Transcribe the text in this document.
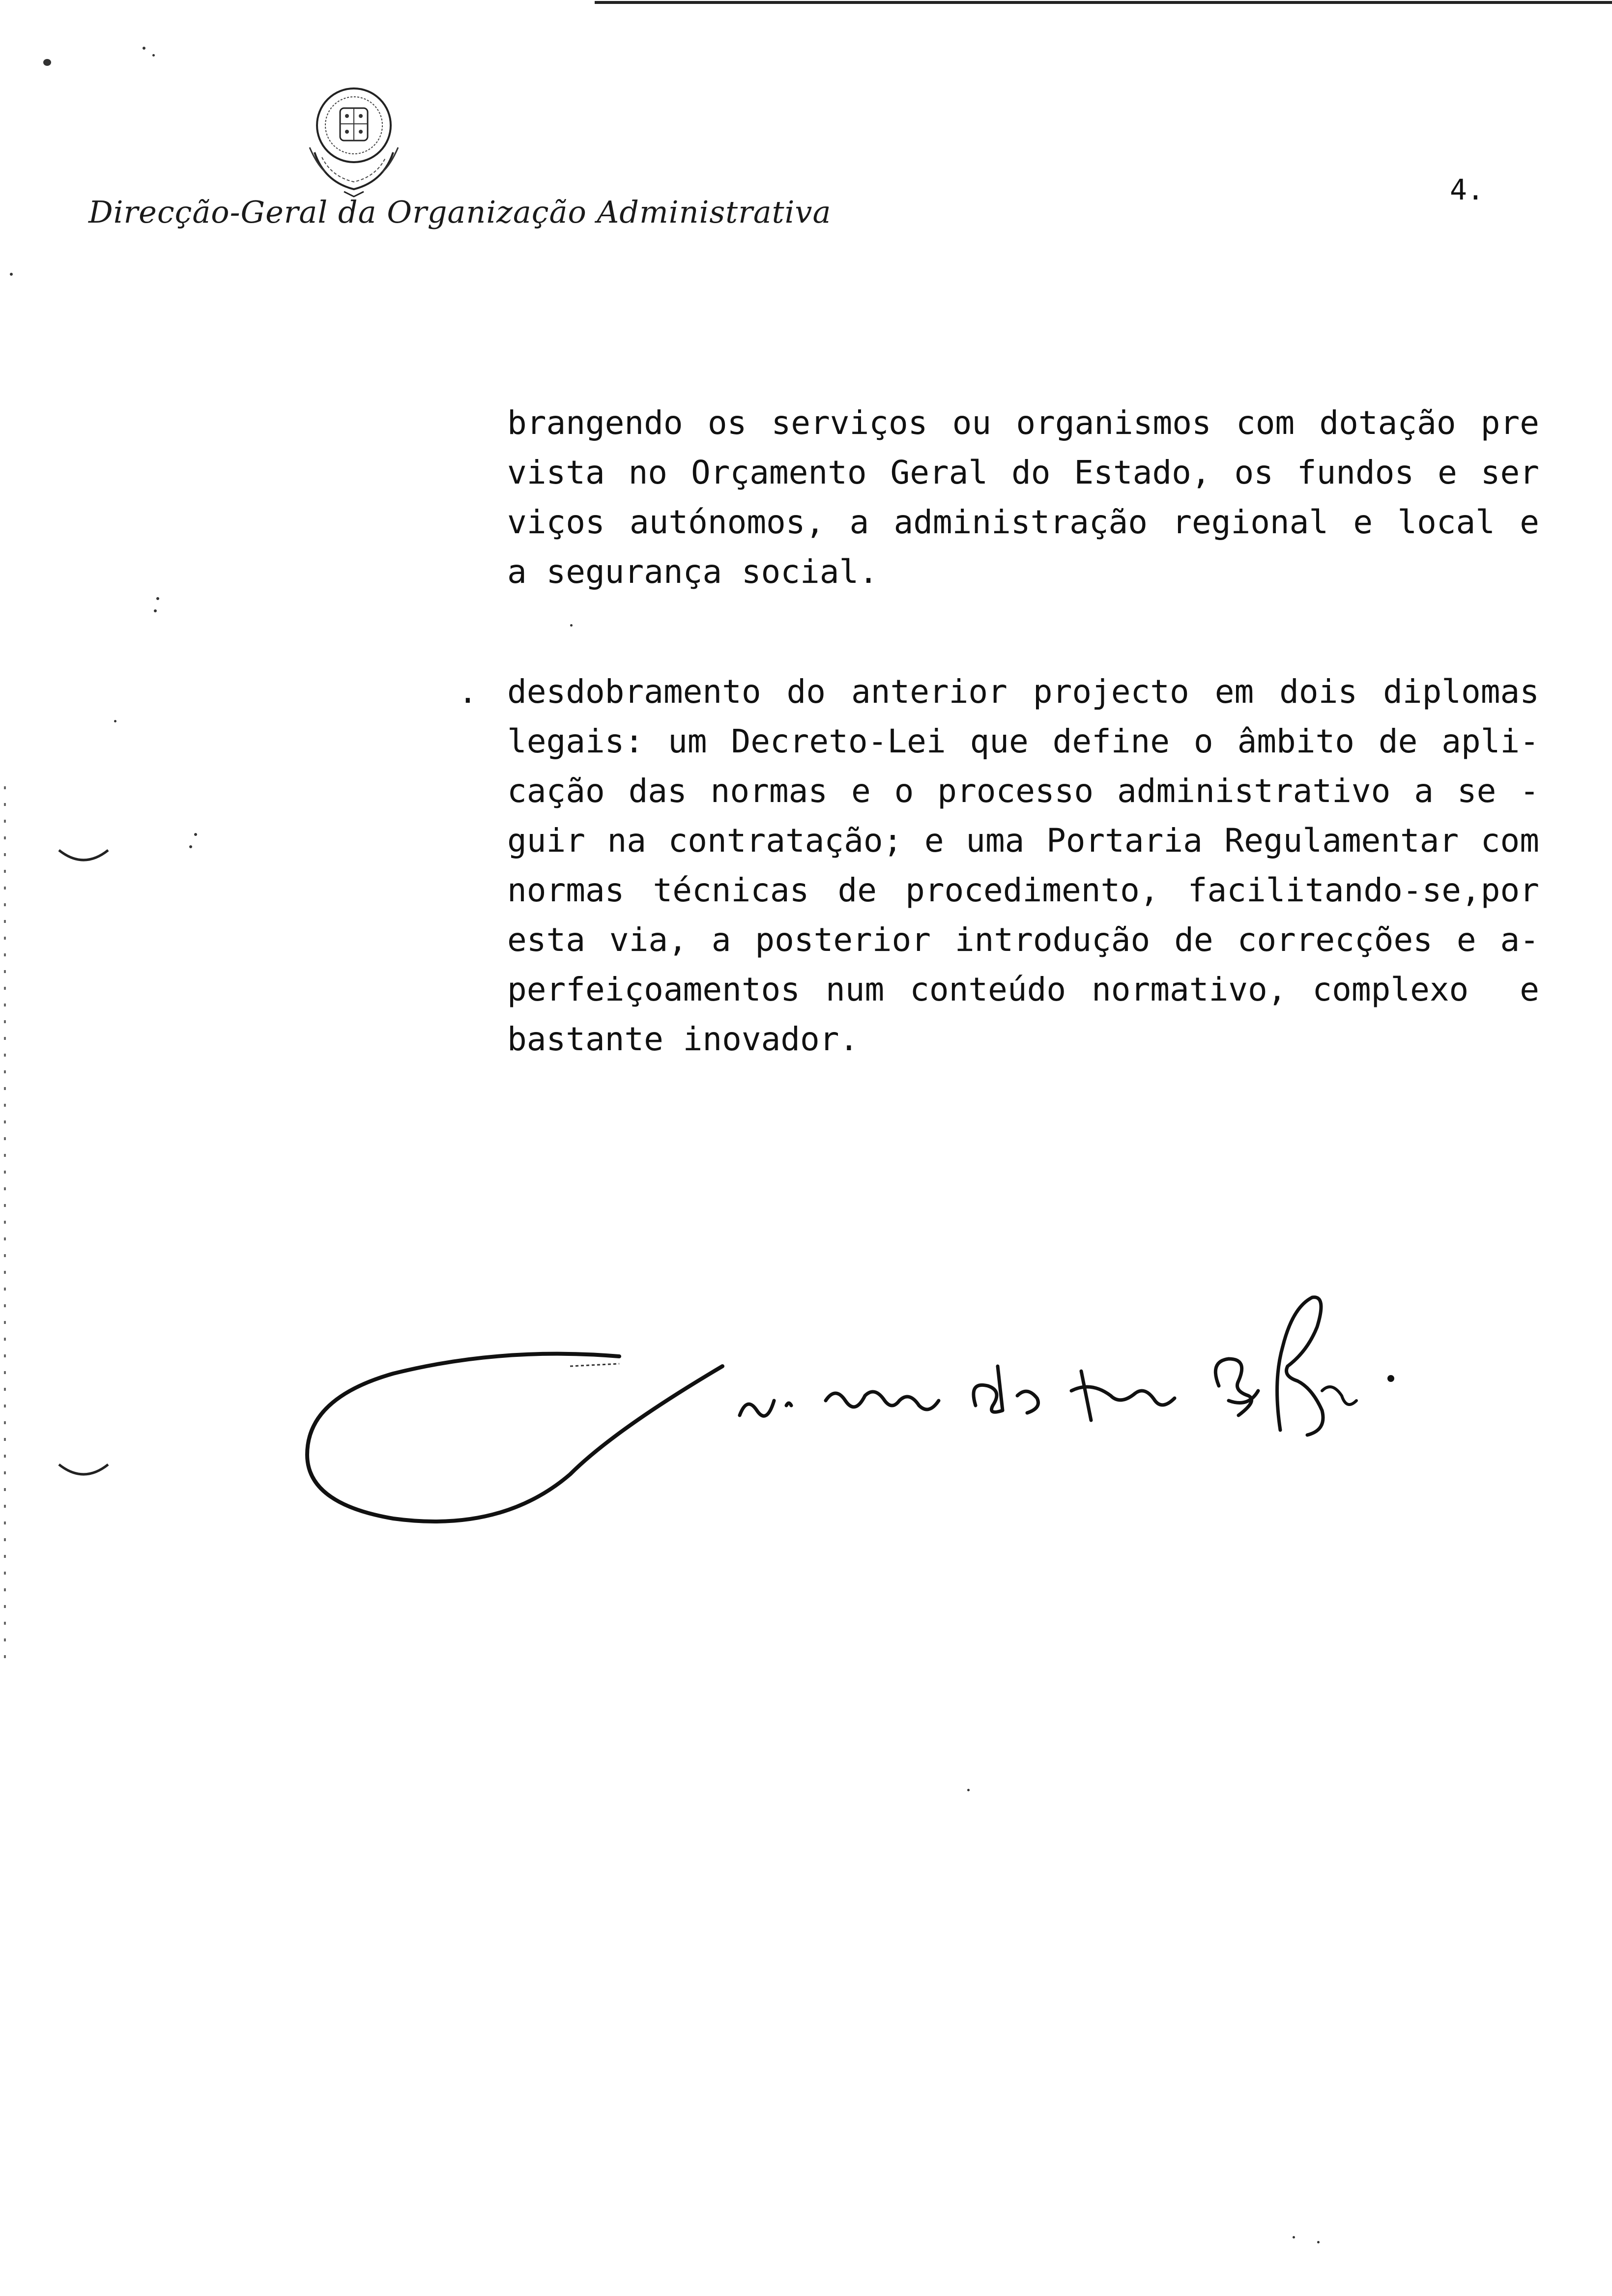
Direcção-Geral da Organização Administrativa
4.
brangendo os serviços ou organismos com dotação pre
vista no Orçamento Geral do Estado, os fundos e ser
viços autónomos, a administração regional e local e
a segurança social.
. desdobramento do anterior projecto em dois diplomas
legais: um Decreto-Lei que define o âmbito de apli-
cação das normas e o processo administrativo a se -
guir na contratação; e uma Portaria Regulamentar com
normas técnicas de procedimento, facilitando-se,por
esta via, a posterior introdução de correcções e a-
perfeiçoamentos num conteúdo normativo, complexo  e
bastante inovador.
